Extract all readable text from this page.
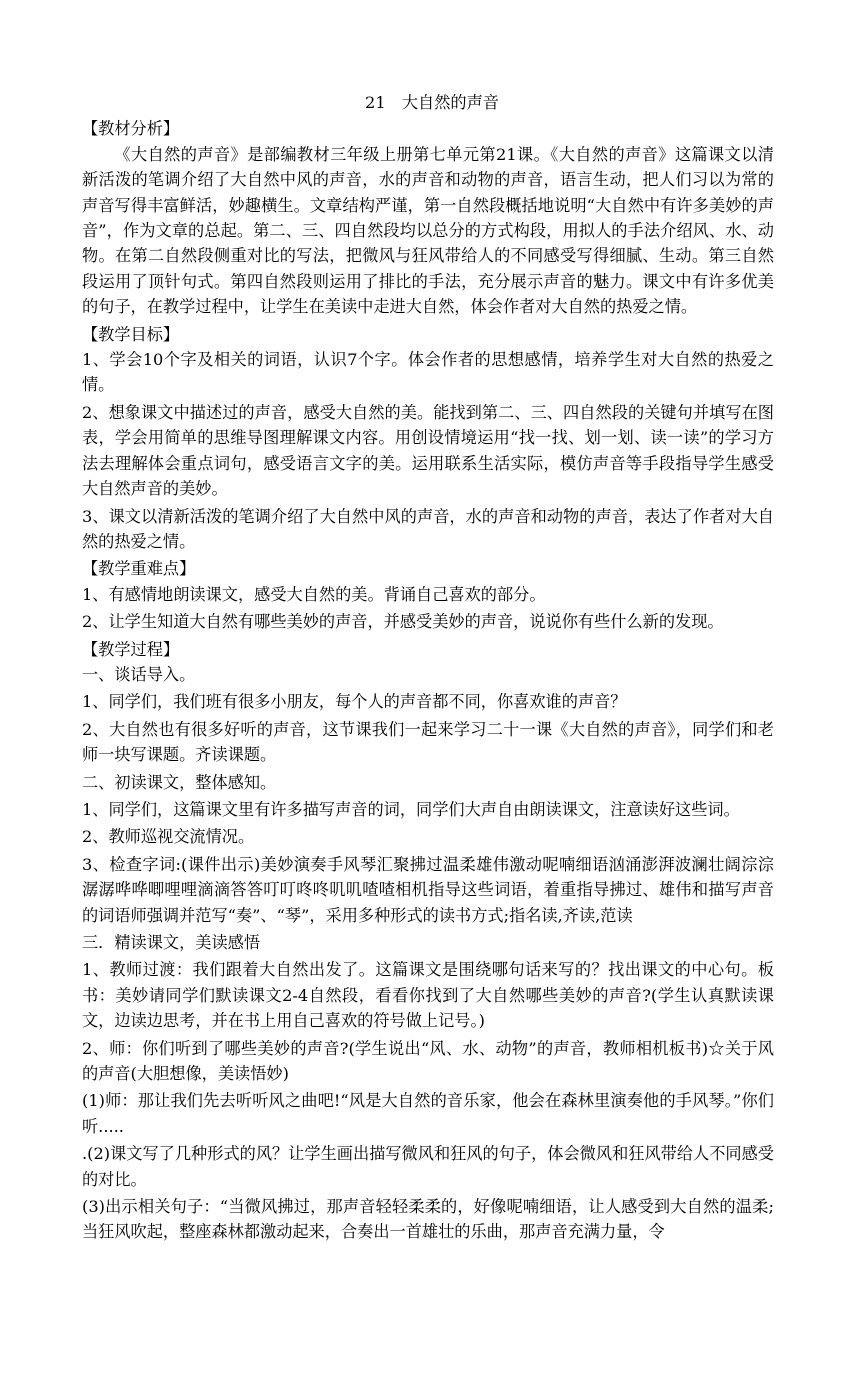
21　大自然的声音
【教材分析】
《大自然的声音》是部编教材三年级上册第七单元第21课。《大自然的声音》这篇课文以清新活泼的笔调介绍了大自然中风的声音，水的声音和动物的声音，语言生动，把人们习以为常的声音写得丰富鲜活，妙趣横生。文章结构严谨，第一自然段概括地说明“大自然中有许多美妙的声音”，作为文章的总起。第二、三、四自然段均以总分的方式构段，用拟人的手法介绍风、水、动物。在第二自然段侧重对比的写法，把微风与狂风带给人的不同感受写得细腻、生动。第三自然段运用了顶针句式。第四自然段则运用了排比的手法，充分展示声音的魅力。课文中有许多优美的句子，在教学过程中，让学生在美读中走进大自然，体会作者对大自然的热爱之情。
【教学目标】
1、学会10个字及相关的词语，认识7个字。体会作者的思想感情，培养学生对大自然的热爱之情。
2、想象课文中描述过的声音，感受大自然的美。能找到第二、三、四自然段的关键句并填写在图表，学会用简单的思维导图理解课文内容。用创设情境运用“找一找、划一划、读一读”的学习方法去理解体会重点词句，感受语言文字的美。运用联系生活实际，模仿声音等手段指导学生感受大自然声音的美妙。
3、课文以清新活泼的笔调介绍了大自然中风的声音，水的声音和动物的声音，表达了作者对大自然的热爱之情。
【教学重难点】
1、有感情地朗读课文，感受大自然的美。背诵自己喜欢的部分。
2、让学生知道大自然有哪些美妙的声音，并感受美妙的声音，说说你有些什么新的发现。
【教学过程】
一、谈话导入。
1、同学们，我们班有很多小朋友，每个人的声音都不同，你喜欢谁的声音？
2、大自然也有很多好听的声音，这节课我们一起来学习二十一课《大自然的声音》，同学们和老师一块写课题。齐读课题。
二、初读课文，整体感知。
1、同学们，这篇课文里有许多描写声音的词，同学们大声自由朗读课文，注意读好这些词。
2、教师巡视交流情况。
3、检查字词:(课件出示)美妙演奏手风琴汇聚拂过温柔雄伟激动呢喃细语汹涌澎湃波澜壮阔淙淙潺潺哗哗唧哩哩滴滴答答叮叮咚咚叽叽喳喳相机指导这些词语，着重指导拂过、雄伟和描写声音的词语师强调并范写“奏”、“琴”，采用多种形式的读书方式;指名读,齐读,范读
三．精读课文，美读感悟
1、教师过渡：我们跟着大自然出发了。这篇课文是围绕哪句话来写的？找出课文的中心句。板书：美妙请同学们默读课文2-4自然段，看看你找到了大自然哪些美妙的声音?(学生认真默读课文，边读边思考，并在书上用自己喜欢的符号做上记号。)
2、师：你们听到了哪些美妙的声音?(学生说出“风、水、动物”的声音，教师相机板书)☆关于风的声音(大胆想像，美读悟妙)
(1)师：那让我们先去听听风之曲吧!“风是大自然的音乐家，他会在森林里演奏他的手风琴。”你们听.....
.(2)课文写了几种形式的风？让学生画出描写微风和狂风的句子，体会微风和狂风带给人不同感受的对比。
(3)出示相关句子：“当微风拂过，那声音轻轻柔柔的，好像呢喃细语，让人感受到大自然的温柔;当狂风吹起，整座森林都激动起来，合奏出一首雄壮的乐曲，那声音充满力量，令
